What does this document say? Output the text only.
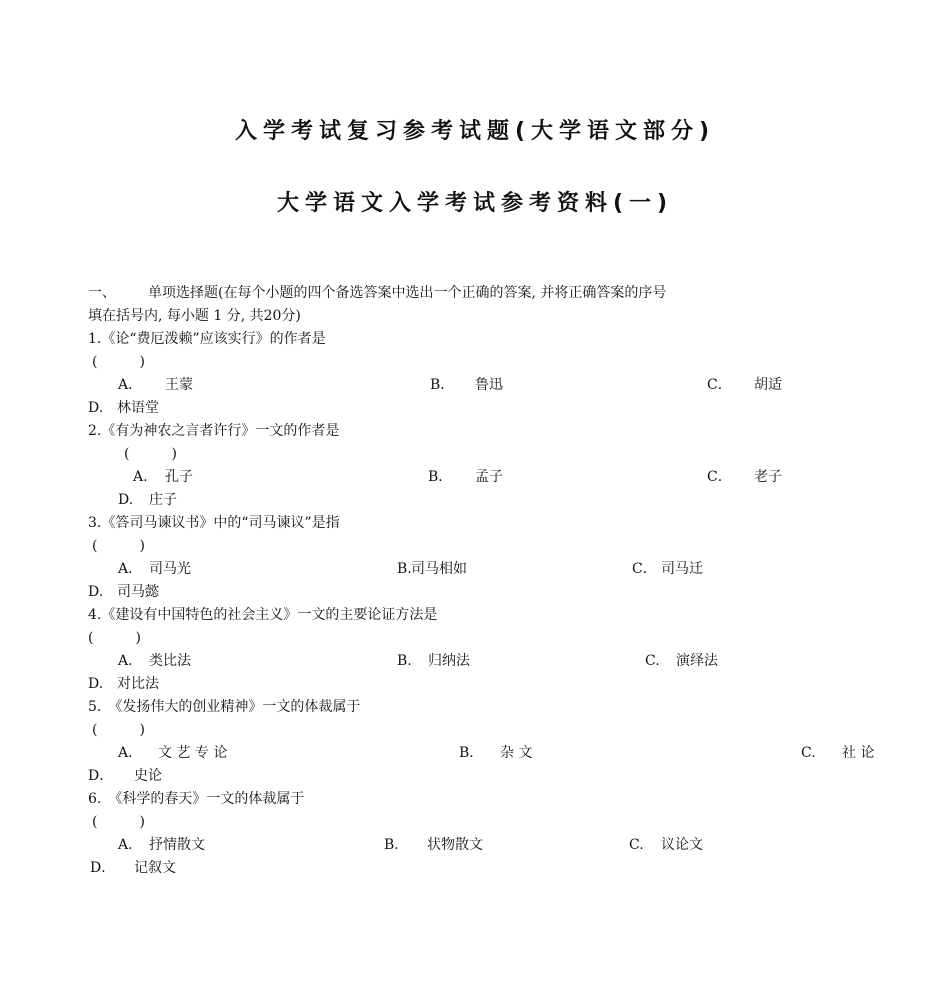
入学考试复习参考试题(大学语文部分)
大学语文入学考试参考资料(一)
一、 单项选择题(在每个小题的四个备选答案中选出一个正确的答案, 并将正确答案的序号
填在括号内, 每小题 1 分, 共20分)
1.《论“费厄泼赖”应该实行》的作者是
(　　　)
A． 王蒙	B． 鲁迅	C． 胡适
D. 林语堂
2.《有为神农之言者许行》一文的作者是
(　　　)
A. 孔子	B． 孟子	C． 老子
D. 庄子
3.《答司马谏议书》中的“司马谏议”是指
(　　　)
A. 司马光	B. 司马相如	C． 司马迁
D. 司马懿
4.《建设有中国特色的社会主义》一文的主要论证方法是
(　　　)
A. 类比法	B. 归纳法	C. 演绎法
D. 对比法
5.　《发扬伟大的创业精神》一文的体裁属于
(　　　)
A. 文 艺 专 论	B. 杂 文	C. 社 论
D． 史论
6.　《科学的春天》一文的体裁属于
(　　　)
A. 抒情散文	B． 状物散文	C. 议论文
D． 记叙文
